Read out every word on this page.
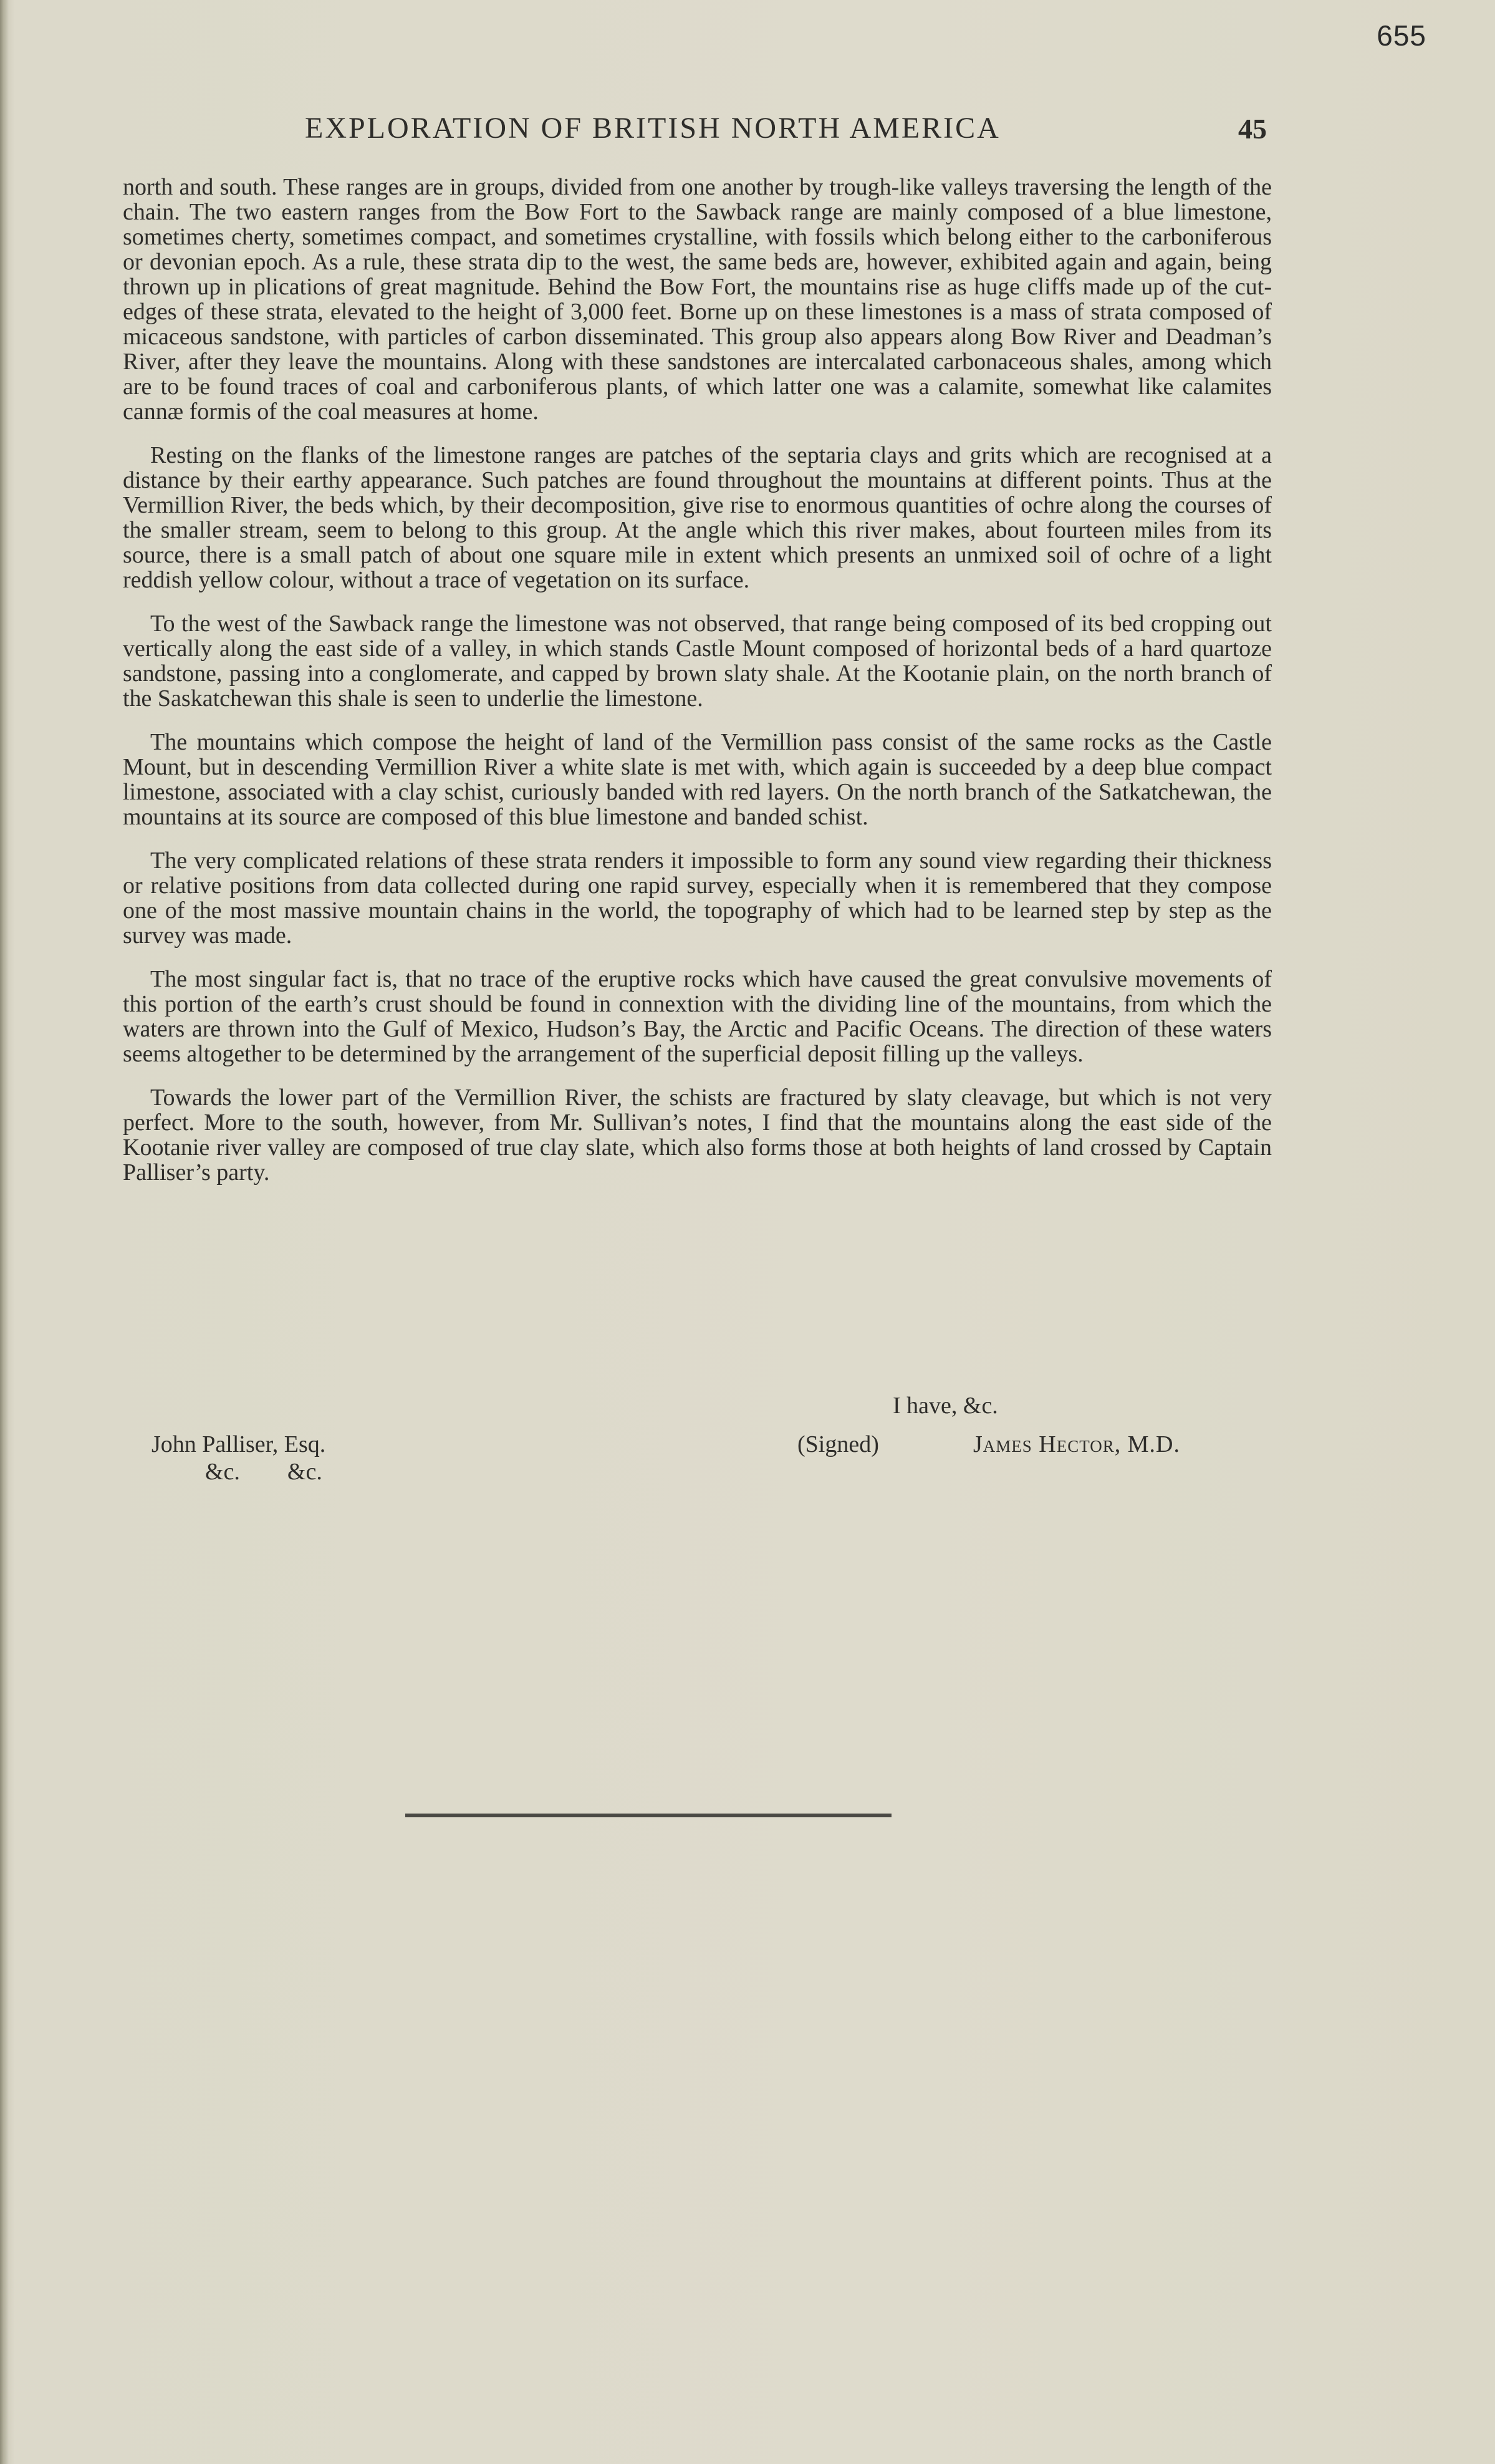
655
EXPLORATION OF BRITISH NORTH AMERICA	45

north and south. These ranges are in groups, divided from one another by trough-like valleys traversing the length of the chain. The two eastern ranges from the Bow Fort to the Sawback range are mainly composed of a blue limestone, sometimes cherty, sometimes compact, and sometimes crystalline, with fossils which belong either to the carboniferous or devonian epoch. As a rule, these strata dip to the west, the same beds are, however, exhibited again and again, being thrown up in plications of great magnitude. Behind the Bow Fort, the mountains rise as huge cliffs made up of the cut-edges of these strata, elevated to the height of 3,000 feet. Borne up on these limestones is a mass of strata composed of micaceous sandstone, with particles of carbon disseminated. This group also appears along Bow River and Deadman’s River, after they leave the mountains. Along with these sandstones are intercalated carbonaceous shales, among which are to be found traces of coal and carboniferous plants, of which latter one was a calamite, somewhat like calamites cannæ formis of the coal measures at home.

Resting on the flanks of the limestone ranges are patches of the septaria clays and grits which are recognised at a distance by their earthy appearance. Such patches are found throughout the mountains at different points. Thus at the Vermillion River, the beds which, by their decomposition, give rise to enormous quantities of ochre along the courses of the smaller stream, seem to belong to this group. At the angle which this river makes, about fourteen miles from its source, there is a small patch of about one square mile in extent which presents an unmixed soil of ochre of a light reddish yellow colour, without a trace of vegetation on its surface.

To the west of the Sawback range the limestone was not observed, that range being composed of its bed cropping out vertically along the east side of a valley, in which stands Castle Mount composed of horizontal beds of a hard quartoze sandstone, passing into a conglomerate, and capped by brown slaty shale. At the Kootanie plain, on the north branch of the Saskatchewan this shale is seen to underlie the limestone.

The mountains which compose the height of land of the Vermillion pass consist of the same rocks as the Castle Mount, but in descending Vermillion River a white slate is met with, which again is succeeded by a deep blue compact limestone, associated with a clay schist, curiously banded with red layers. On the north branch of the Satkatchewan, the mountains at its source are composed of this blue limestone and banded schist.

The very complicated relations of these strata renders it impossible to form any sound view regarding their thickness or relative positions from data collected during one rapid survey, especially when it is remembered that they compose one of the most massive mountain chains in the world, the topography of which had to be learned step by step as the survey was made.

The most singular fact is, that no trace of the eruptive rocks which have caused the great convulsive movements of this portion of the earth’s crust should be found in connextion with the dividing line of the mountains, from which the waters are thrown into the Gulf of Mexico, Hudson’s Bay, the Arctic and Pacific Oceans. The direction of these waters seems altogether to be determined by the arrangement of the superficial deposit filling up the valleys.

Towards the lower part of the Vermillion River, the schists are fractured by slaty cleavage, but which is not very perfect. More to the south, however, from Mr. Sullivan’s notes, I find that the mountains along the east side of the Kootanie river valley are composed of true clay slate, which also forms those at both heights of land crossed by Captain Palliser’s party.

I have, &c.
John Palliser, Esq.	(Signed)	James Hector, M.D.
&c.        &c.
